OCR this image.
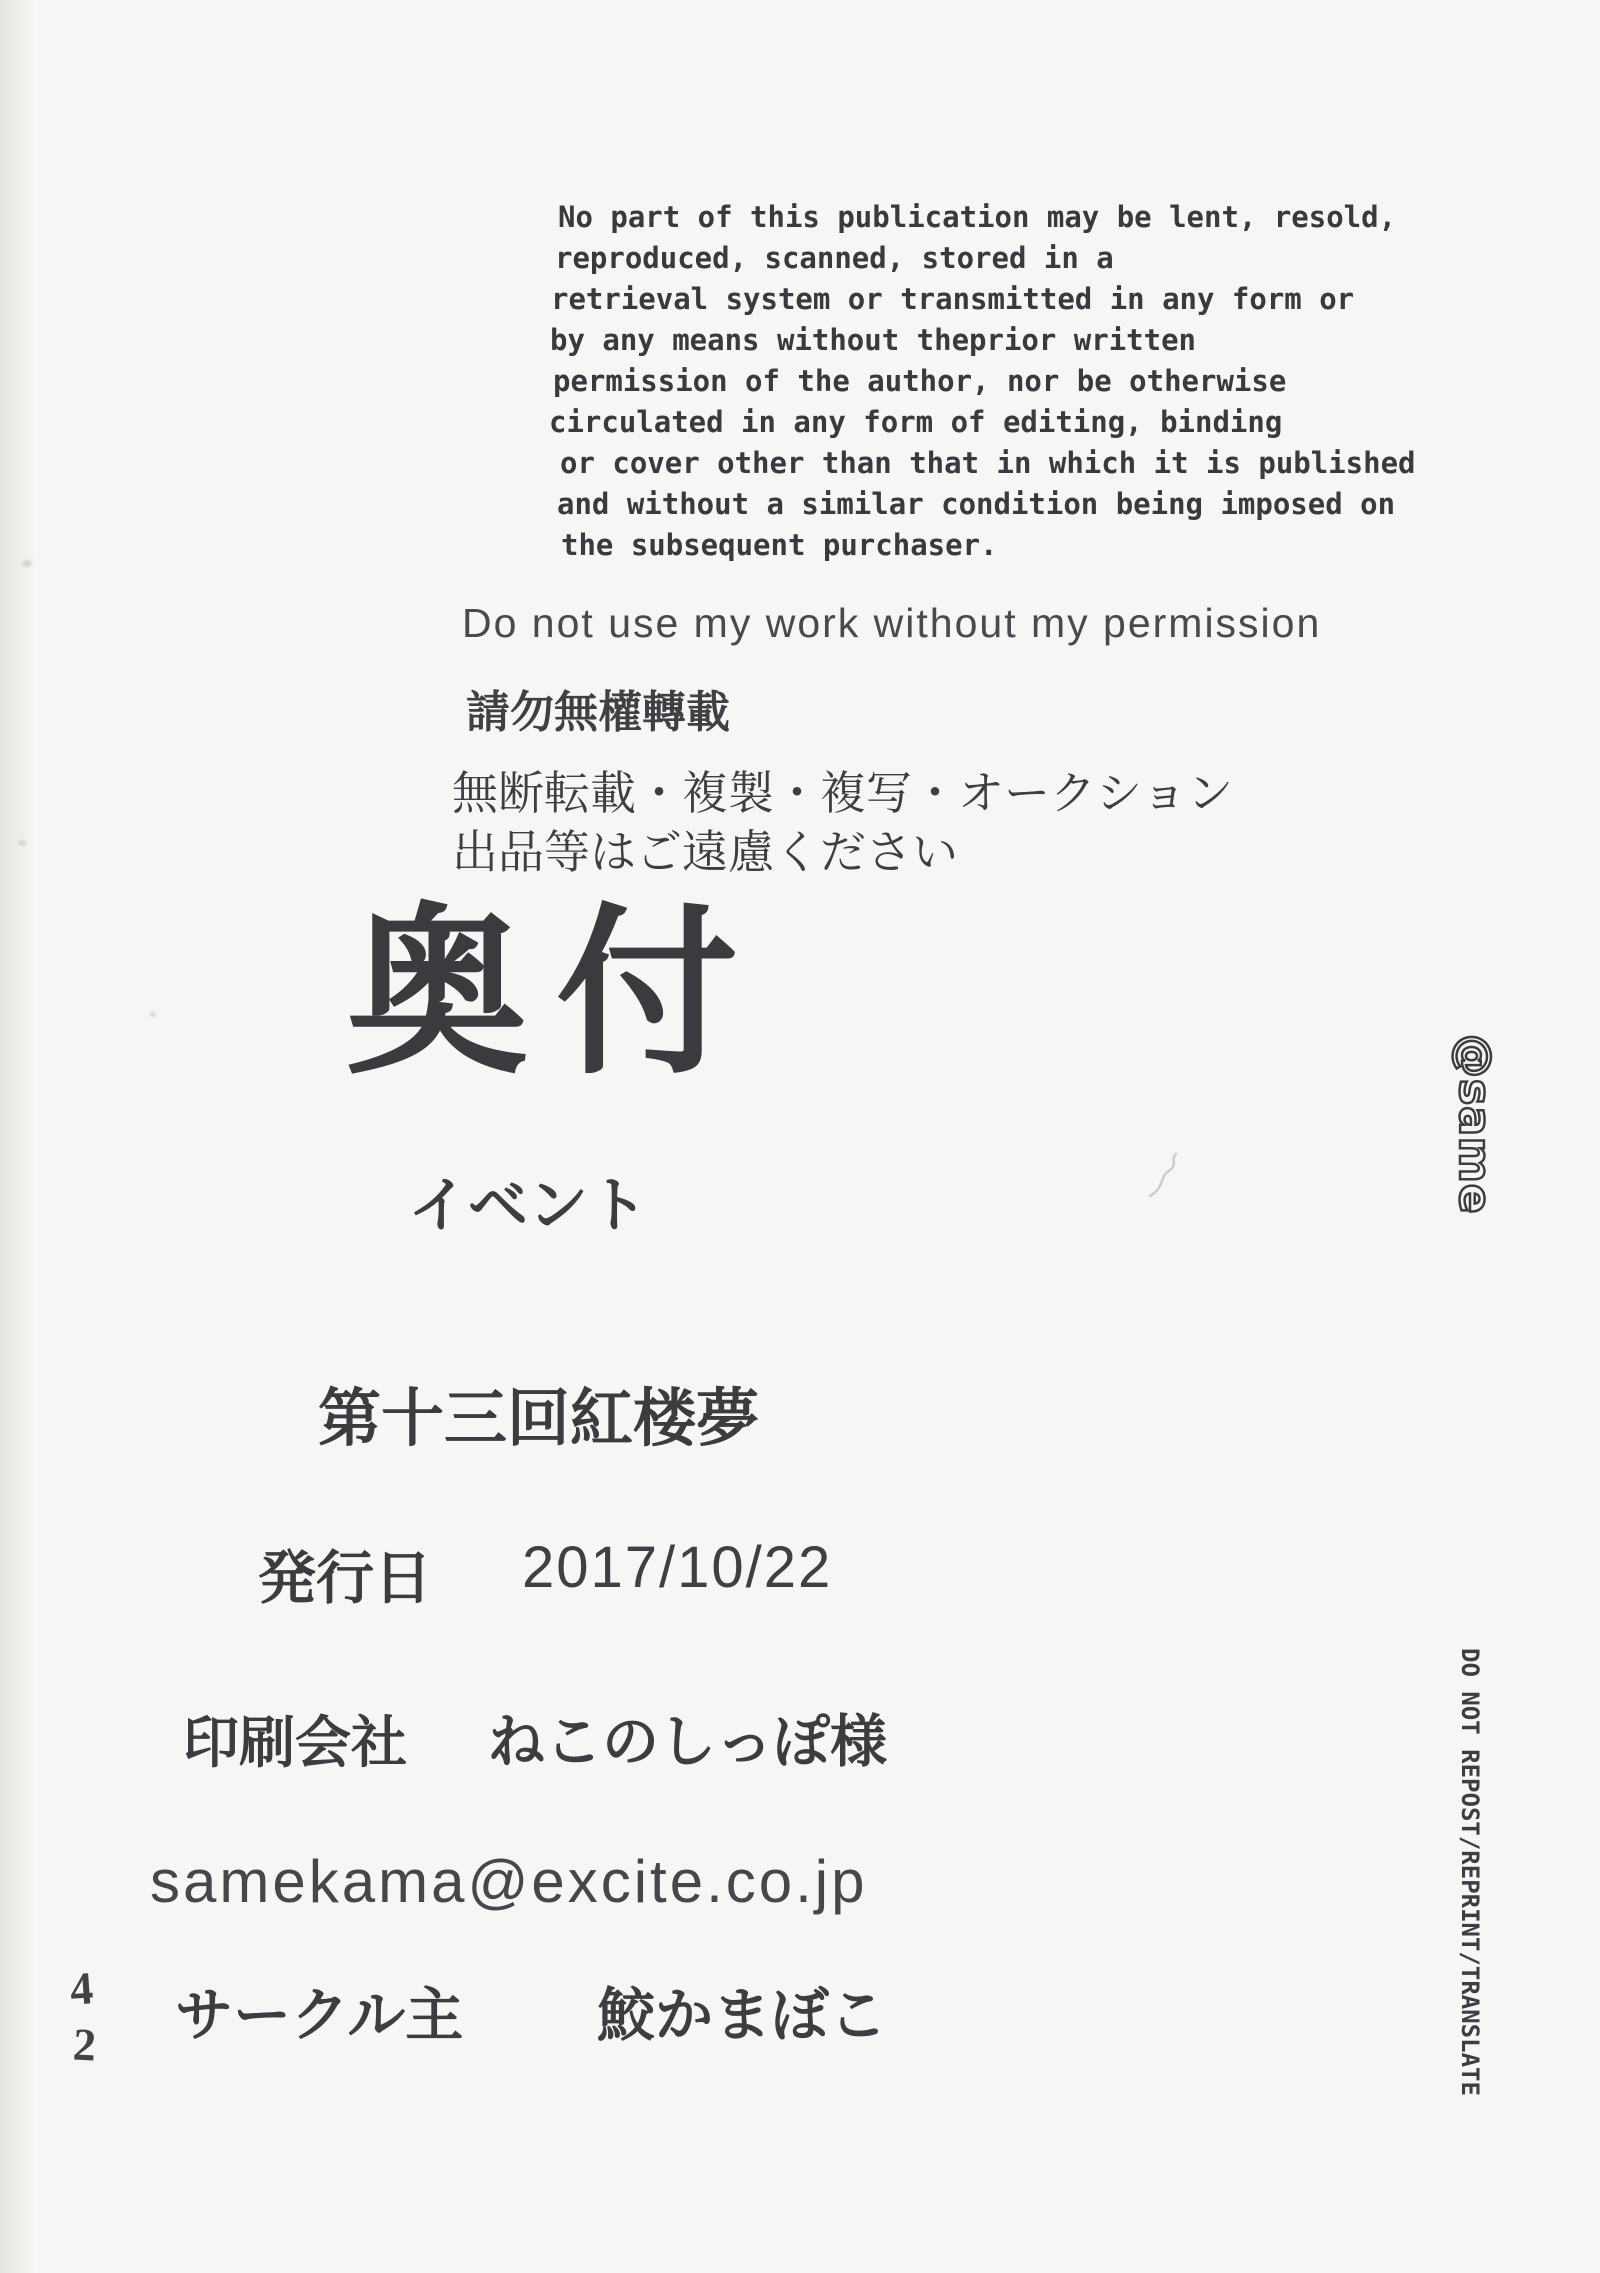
No part of this publication may be lent, resold,
reproduced, scanned, stored in a
retrieval system or transmitted in any form or
by any means without theprior written
permission of the author, nor be otherwise
circulated in any form of editing, binding
or cover other than that in which it is published
and without a similar condition being imposed on
the subsequent purchaser.
Do not use my work without my permission
請勿無權轉載
無断転載・複製・複写・オークション
出品等はご遠慮ください
奥付
イベント
第十三回紅楼夢
発行日 2017/10/22
印刷会社 ねこのしっぽ様
samekama@excite.co.jp
サークル主 鮫かまぼこ
4
2
@same
DO NOT REPOST/REPRINT/TRANSLATE
